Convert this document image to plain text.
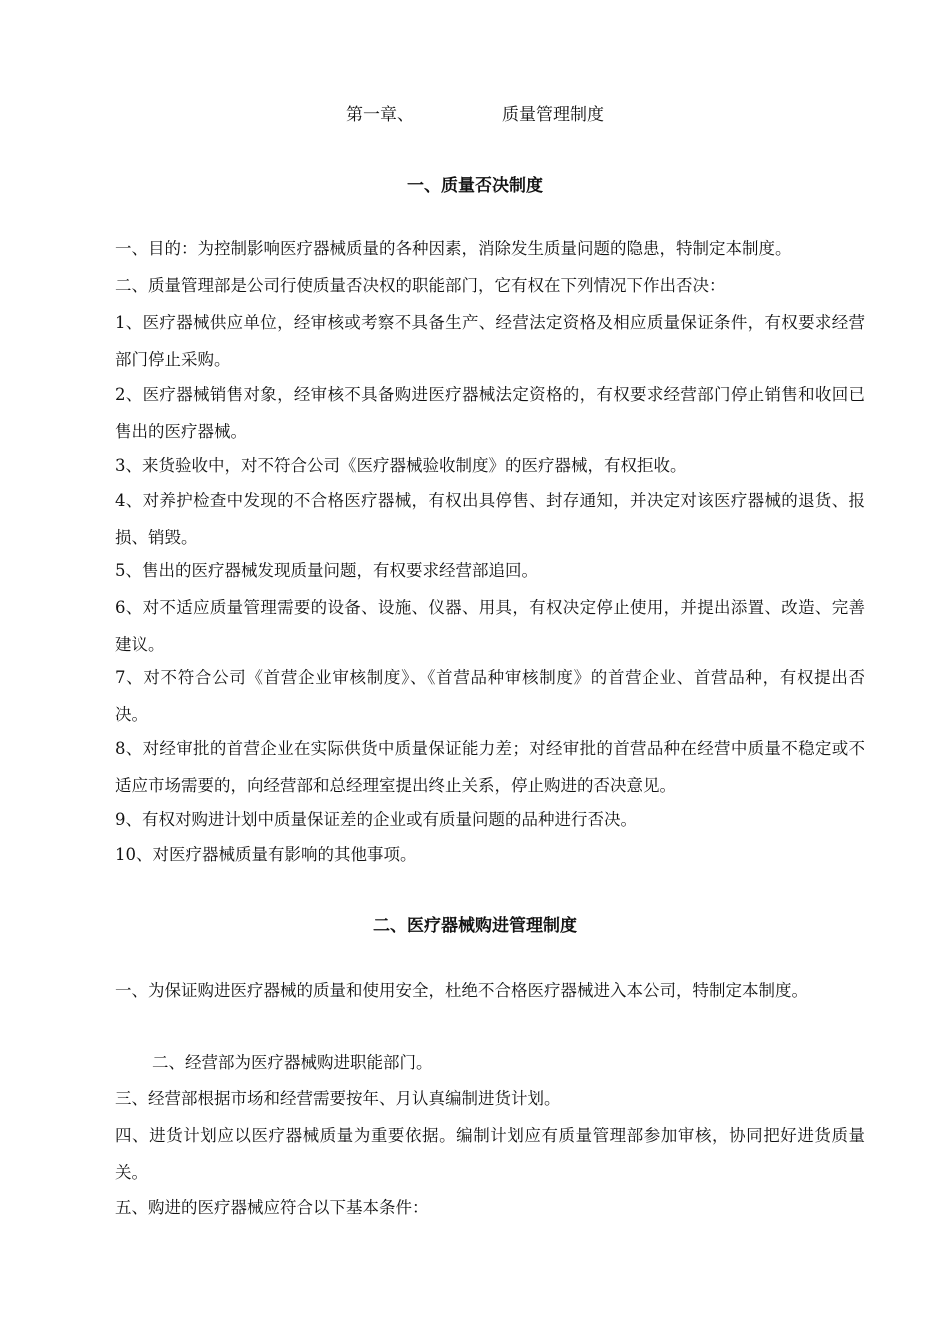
第一章、	质量管理制度
一、质量否决制度

一、目的：为控制影响医疗器械质量的各种因素，消除发生质量问题的隐患，特制定本制度。

二、质量管理部是公司行使质量否决权的职能部门，它有权在下列情况下作出否决：

1、医疗器械供应单位，经审核或考察不具备生产、经营法定资格及相应质量保证条件，有权要求经营部门停止采购。

2、医疗器械销售对象，经审核不具备购进医疗器械法定资格的，有权要求经营部门停止销售和收回已售出的医疗器械。

3、来货验收中，对不符合公司《医疗器械验收制度》的医疗器械，有权拒收。

4、对养护检查中发现的不合格医疗器械，有权出具停售、封存通知，并决定对该医疗器械的退货、报损、销毁。

5、售出的医疗器械发现质量问题，有权要求经营部追回。

6、对不适应质量管理需要的设备、设施、仪器、用具，有权决定停止使用，并提出添置、改造、完善建议。

7、对不符合公司《首营企业审核制度》、《首营品种审核制度》的首营企业、首营品种，有权提出否决。

8、对经审批的首营企业在实际供货中质量保证能力差；对经审批的首营品种在经营中质量不稳定或不适应市场需要的，向经营部和总经理室提出终止关系，停止购进的否决意见。

9、有权对购进计划中质量保证差的企业或有质量问题的品种进行否决。

10、对医疗器械质量有影响的其他事项。

二、医疗器械购进管理制度

一、为保证购进医疗器械的质量和使用安全，杜绝不合格医疗器械进入本公司，特制定本制度。

二、经营部为医疗器械购进职能部门。

三、经营部根据市场和经营需要按年、月认真编制进货计划。

四、进货计划应以医疗器械质量为重要依据。编制计划应有质量管理部参加审核，协同把好进货质量关。

五、购进的医疗器械应符合以下基本条件：
